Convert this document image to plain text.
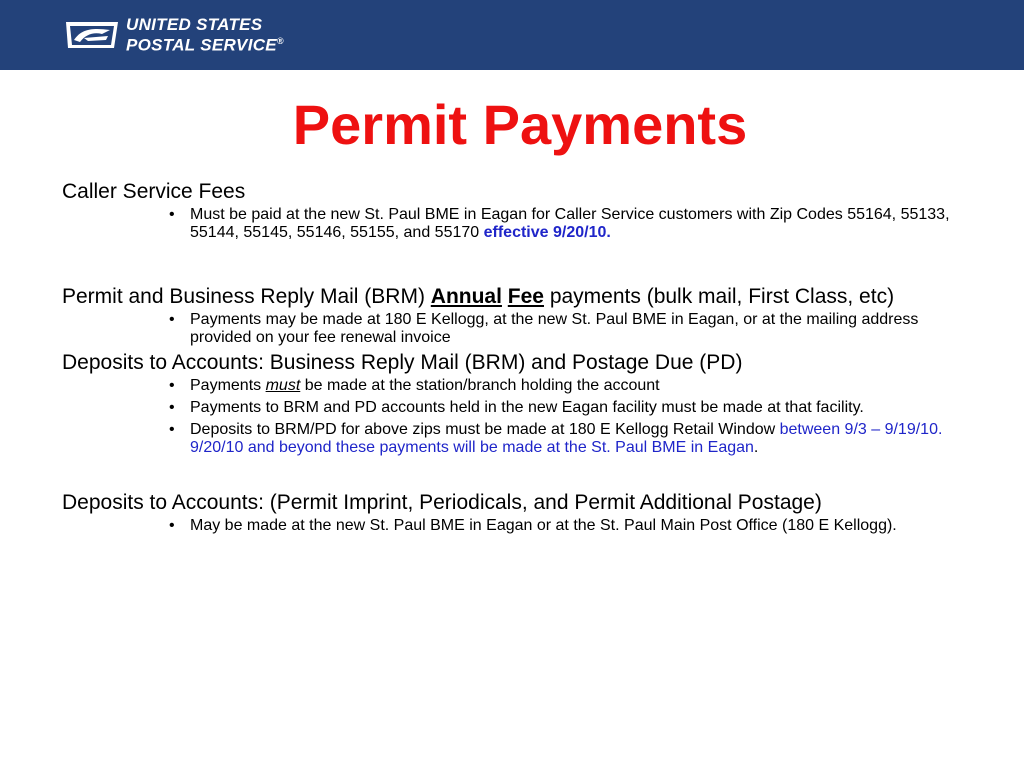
UNITED STATES
POSTAL SERVICE®
Permit Payments

Caller Service Fees

• Must be paid at the new St. Paul BME in Eagan for Caller Service customers with Zip Codes 55164, 55133, 55144, 55145, 55146, 55155, and 55170 effective 9/20/10.

Permit and Business Reply Mail (BRM) Annual Fee payments (bulk mail, First Class, etc)

• Payments may be made at 180 E Kellogg, at the new St. Paul BME in Eagan, or at the mailing address provided on your fee renewal invoice

Deposits to Accounts: Business Reply Mail (BRM) and Postage Due (PD)

• Payments must be made at the station/branch holding the account
• Payments to BRM and PD accounts held in the new Eagan facility must be made at that facility.
• Deposits to BRM/PD for above zips must be made at 180 E Kellogg Retail Window between 9/3 – 9/19/10. 9/20/10 and beyond these payments will be made at the St. Paul BME in Eagan.

Deposits to Accounts: (Permit Imprint, Periodicals, and Permit Additional Postage)

• May be made at the new St. Paul BME in Eagan or at the St. Paul Main Post Office (180 E Kellogg).
